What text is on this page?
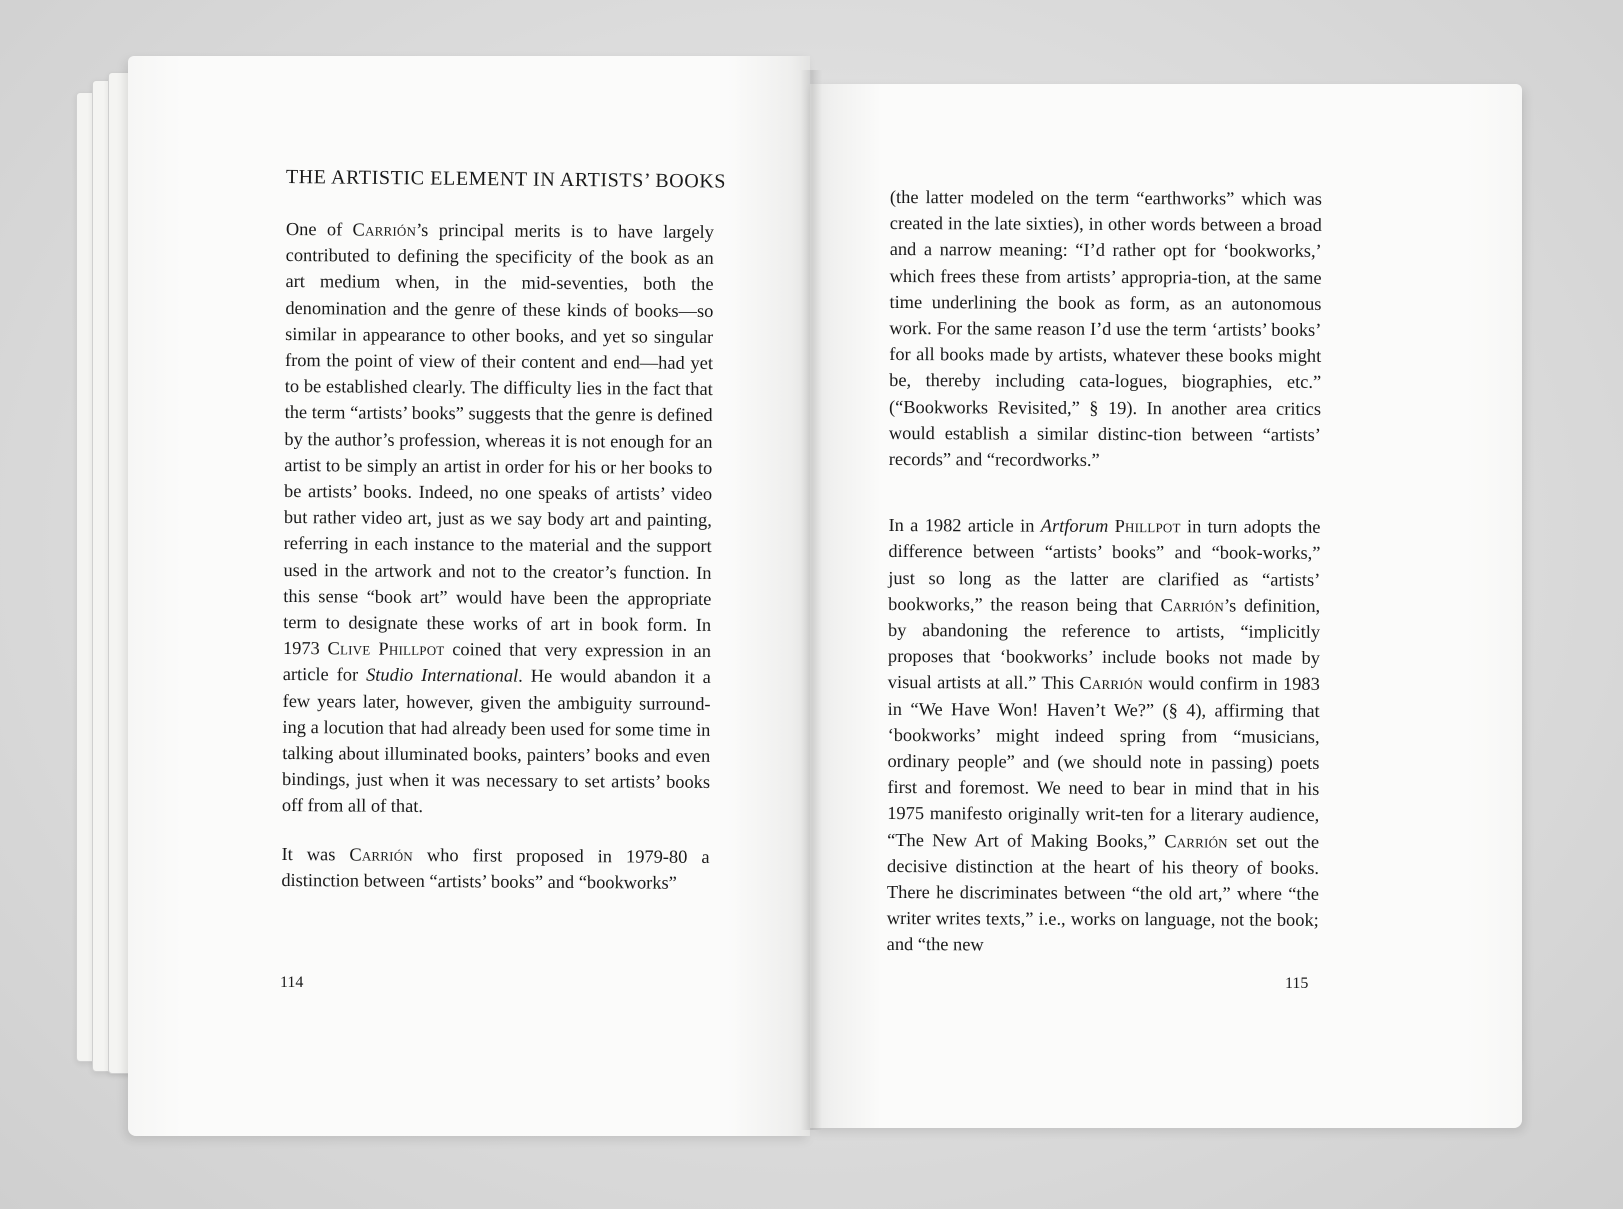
THE ARTISTIC ELEMENT IN ARTISTS’ BOOKS

One of Carrión’s principal merits is to have largely contributed to defining the specificity of the book as an art medium when, in the mid-seventies, both the denomination and the genre of these kinds of books—so similar in appearance to other books, and yet so singular from the point of view of their content and end—had yet to be established clearly. The difficulty lies in the fact that the term “artists’ books” suggests that the genre is defined by the author’s profession, whereas it is not enough for an artist to be simply an artist in order for his or her books to be artists’ books. Indeed, no one speaks of artists’ video but rather video art, just as we say body art and painting, referring in each instance to the material and the support used in the artwork and not to the creator’s function. In this sense “book art” would have been the appropriate term to designate these works of art in book form. In 1973 Clive Phillpot coined that very expression in an article for Studio International. He would abandon it a few years later, however, given the ambiguity surround-ing a locution that had already been used for some time in talking about illuminated books, painters’ books and even bindings, just when it was necessary to set artists’ books off from all of that.

It was Carrión who first proposed in 1979-80 a distinction between “artists’ books” and “bookworks”

114

(the latter modeled on the term “earthworks” which was created in the late sixties), in other words between a broad and a narrow meaning: “I’d rather opt for ‘bookworks,’ which frees these from artists’ appropria-tion, at the same time underlining the book as form, as an autonomous work. For the same reason I’d use the term ‘artists’ books’ for all books made by artists, whatever these books might be, thereby including cata-logues, biographies, etc.” (“Bookworks Revisited,” § 19). In another area critics would establish a similar distinc-tion between “artists’ records” and “recordworks.”

In a 1982 article in Artforum Phillpot in turn adopts the difference between “artists’ books” and “book-works,” just so long as the latter are clarified as “artists’ bookworks,” the reason being that Carrión’s definition, by abandoning the reference to artists, “implicitly proposes that ‘bookworks’ include books not made by visual artists at all.” This Carrión would confirm in 1983 in “We Have Won! Haven’t We?” (§ 4), affirming that ‘bookworks’ might indeed spring from “musicians, ordinary people” and (we should note in passing) poets first and foremost. We need to bear in mind that in his 1975 manifesto originally writ-ten for a literary audience, “The New Art of Making Books,” Carrión set out the decisive distinction at the heart of his theory of books. There he discriminates between “the old art,” where “the writer writes texts,” i.e., works on language, not the book; and “the new

115
